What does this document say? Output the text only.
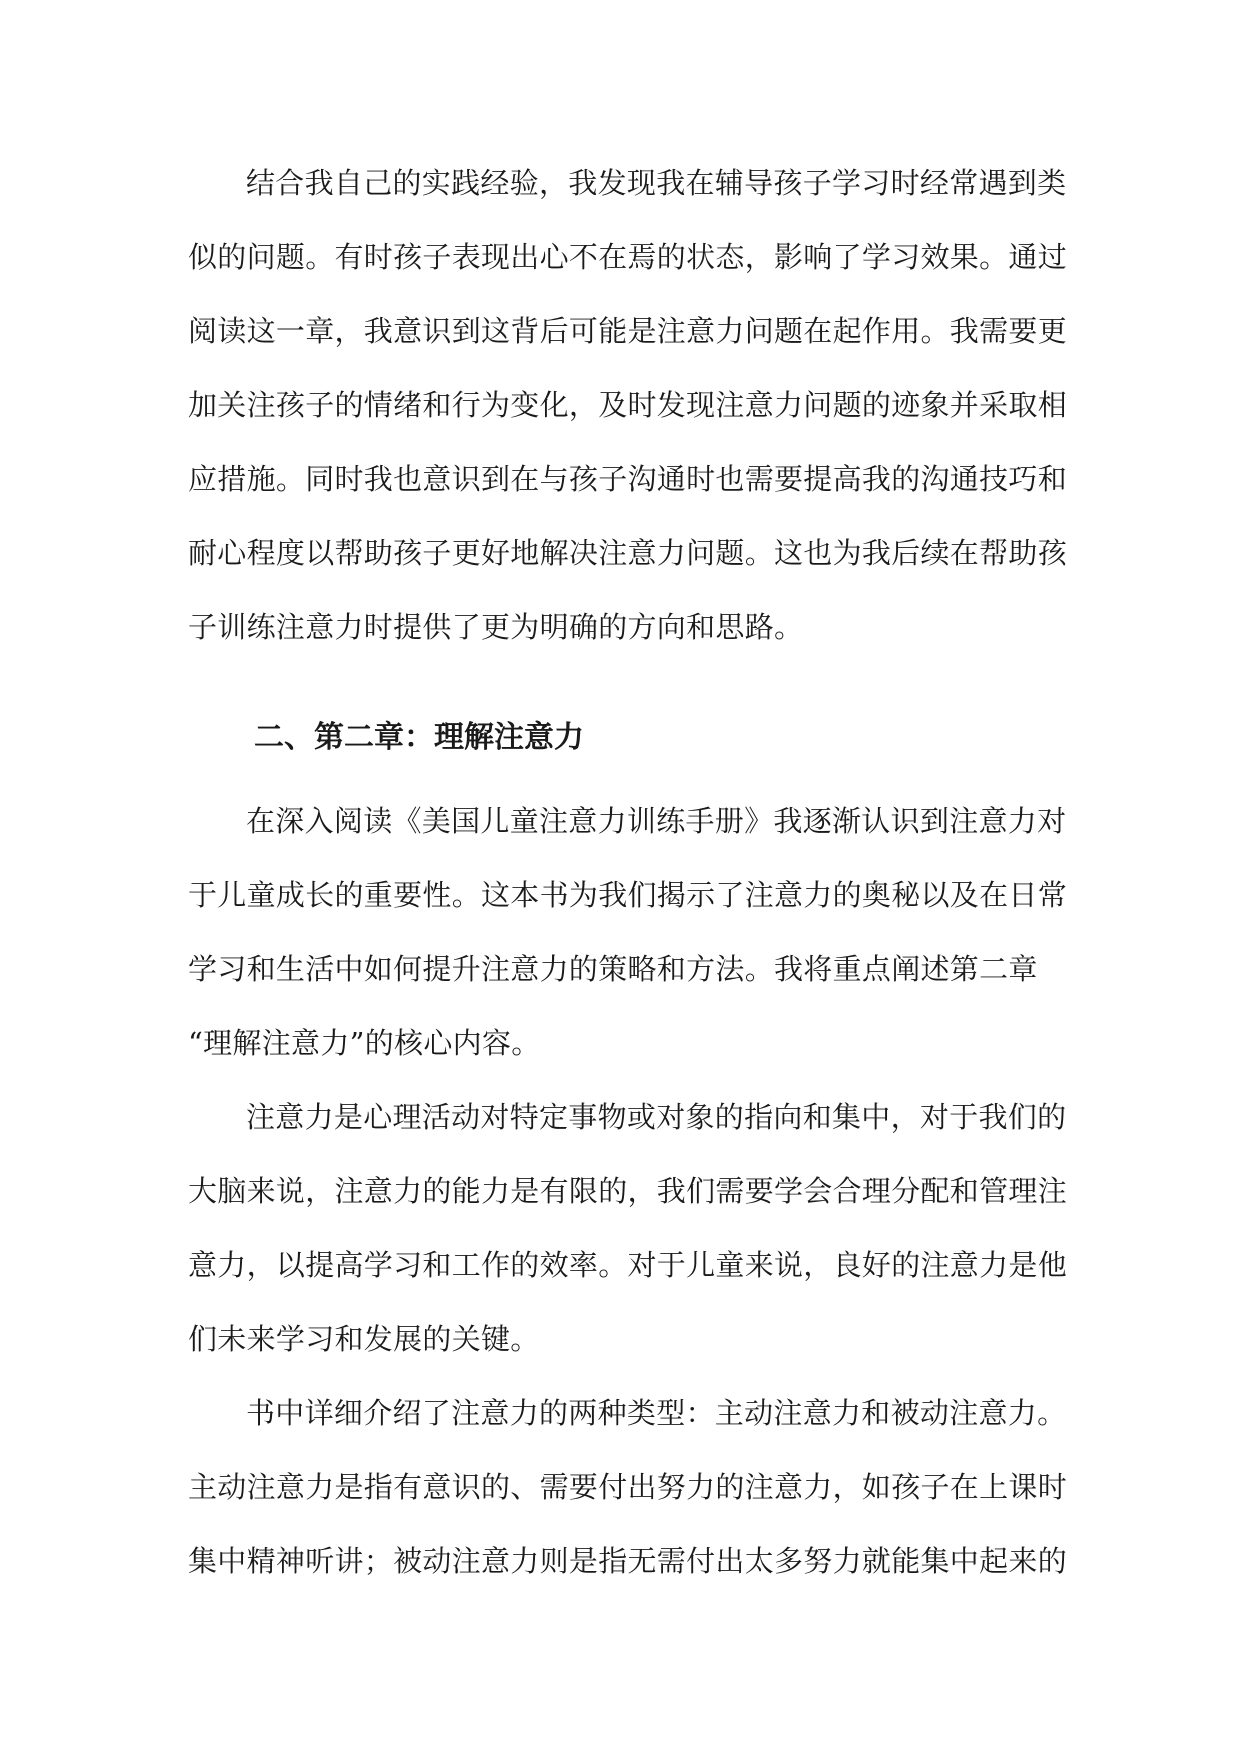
结合我自己的实践经验，我发现我在辅导孩子学习时经常遇到类
似的问题。有时孩子表现出心不在焉的状态，影响了学习效果。通过
阅读这一章，我意识到这背后可能是注意力问题在起作用。我需要更
加关注孩子的情绪和行为变化，及时发现注意力问题的迹象并采取相
应措施。同时我也意识到在与孩子沟通时也需要提高我的沟通技巧和
耐心程度以帮助孩子更好地解决注意力问题。这也为我后续在帮助孩
子训练注意力时提供了更为明确的方向和思路。
二、第二章：理解注意力
在深入阅读《美国儿童注意力训练手册》我逐渐认识到注意力对
于儿童成长的重要性。这本书为我们揭示了注意力的奥秘以及在日常
学习和生活中如何提升注意力的策略和方法。我将重点阐述第二章
“理解注意力”的核心内容。
注意力是心理活动对特定事物或对象的指向和集中，对于我们的
大脑来说，注意力的能力是有限的，我们需要学会合理分配和管理注
意力，以提高学习和工作的效率。对于儿童来说，良好的注意力是他
们未来学习和发展的关键。
书中详细介绍了注意力的两种类型：主动注意力和被动注意力。
主动注意力是指有意识的、需要付出努力的注意力，如孩子在上课时
集中精神听讲；被动注意力则是指无需付出太多努力就能集中起来的
